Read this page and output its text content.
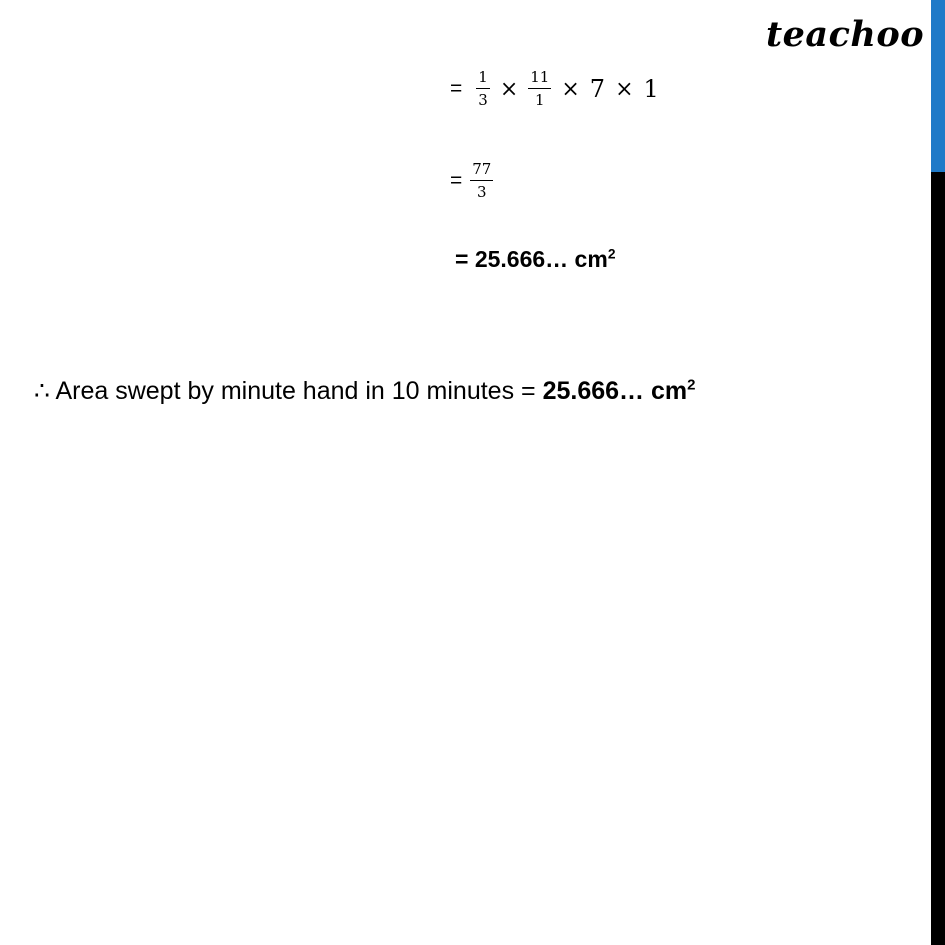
teachoo
= $\frac{1}{3} \times \frac{11}{1} \times 7 \times 1$
= $\frac{77}{3}$
= 25.666… $cm^2$
∴ Area swept by minute hand in 10 minutes = 25.666… $cm^2$
